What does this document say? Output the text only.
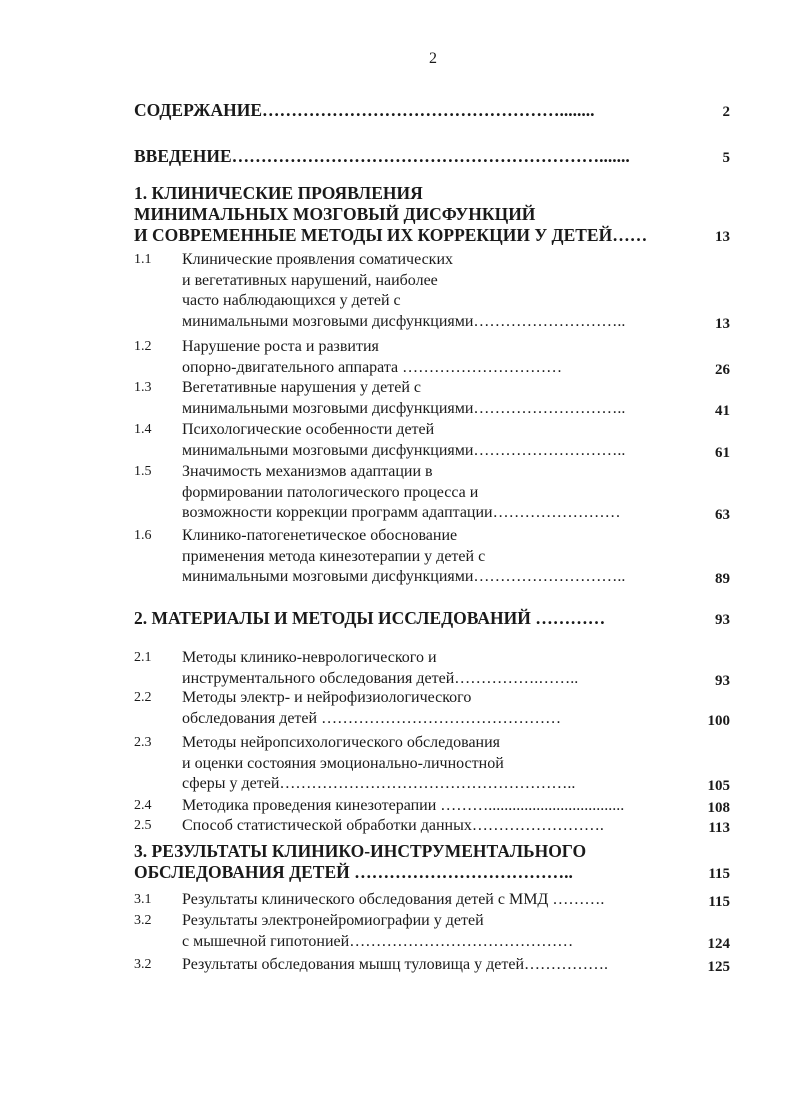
2
СОДЕРЖАНИЕ……………………………………………........	2
ВВЕДЕНИЕ……………………………………………………….......	5
1. КЛИНИЧЕСКИЕ ПРОЯВЛЕНИЯ
МИНИМАЛЬНЫХ МОЗГОВЫЙ ДИСФУНКЦИЙ
И СОВРЕМЕННЫЕ МЕТОДЫ ИХ КОРРЕКЦИИ У ДЕТЕЙ……	13
1.1 Клинические проявления соматических
и вегетативных нарушений, наиболее
часто наблюдающихся у детей с
минимальными мозговыми дисфункциями………………………..	13
1.2 Нарушение роста и развития
опорно-двигательного аппарата …………………………	26
1.3 Вегетативные нарушения у детей с
минимальными мозговыми дисфункциями………………………..	41
1.4 Психологические особенности детей
минимальными мозговыми дисфункциями………………………..	61
1.5 Значимость механизмов адаптации в
формировании патологического процесса и
возможности коррекции программ адаптации……………………	63
1.6 Клинико-патогенетическое обоснование
применения метода кинезотерапии у детей с
минимальными мозговыми дисфункциями………………………..	89
2. МАТЕРИАЛЫ И МЕТОДЫ ИССЛЕДОВАНИЙ …………	93
2.1 Методы клинико-неврологического и
инструментального обследования детей…………….……..	93
2.2 Методы электр- и нейрофизиологического
обследования детей ………………………………………	100
2.3 Методы нейропсихологического обследования
и оценки состояния эмоционально-личностной
сферы у детей………………………………………………..	105
2.4 Методика проведения кинезотерапии ………..................................	108
2.5 Способ статистической обработки данных…………………….	113
3. РЕЗУЛЬТАТЫ КЛИНИКО-ИНСТРУМЕНТАЛЬНОГО
ОБСЛЕДОВАНИЯ ДЕТЕЙ ………………………………..	115
3.1 Результаты клинического обследования детей с ММД ……….	115
3.2 Результаты электронейромиографии у детей
с мышечной гипотонией……………………………………	124
3.2 Результаты обследования мышц туловища у детей…………….	125
